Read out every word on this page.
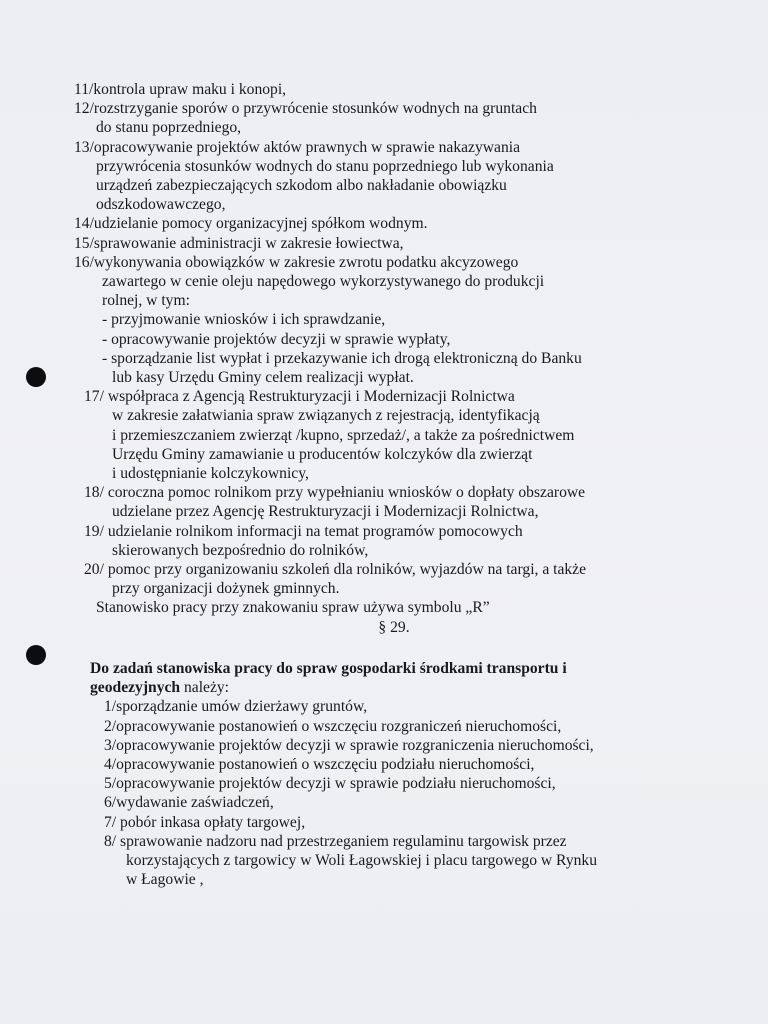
11/kontrola upraw maku i konopi,
12/rozstrzyganie sporów o przywrócenie stosunków wodnych na gruntach
do stanu poprzedniego,
13/opracowywanie projektów aktów prawnych w sprawie nakazywania
przywrócenia stosunków wodnych do stanu poprzedniego lub wykonania
urządzeń zabezpieczających szkodom albo nakładanie obowiązku
odszkodowawczego,
14/udzielanie pomocy organizacyjnej spółkom wodnym.
15/sprawowanie administracji w zakresie łowiectwa,
16/wykonywania obowiązków w zakresie zwrotu podatku akcyzowego
zawartego w cenie oleju napędowego wykorzystywanego do produkcji
rolnej, w tym:
- przyjmowanie wniosków i ich sprawdzanie,
- opracowywanie projektów decyzji w sprawie wypłaty,
- sporządzanie list wypłat i przekazywanie ich drogą elektroniczną do Banku
lub kasy Urzędu Gminy celem realizacji wypłat.
17/ współpraca z Agencją Restrukturyzacji i Modernizacji Rolnictwa
w zakresie załatwiania spraw związanych z rejestracją, identyfikacją
i przemieszczaniem zwierząt /kupno, sprzedaż/, a także za pośrednictwem
Urzędu Gminy zamawianie u producentów kolczyków dla zwierząt
i udostępnianie kolczykownicy,
18/ coroczna pomoc rolnikom przy wypełnianiu wniosków o dopłaty obszarowe
udzielane przez Agencję Restrukturyzacji i Modernizacji Rolnictwa,
19/ udzielanie rolnikom informacji na temat programów pomocowych
skierowanych bezpośrednio do rolników,
20/ pomoc przy organizowaniu szkoleń dla rolników, wyjazdów na targi, a także
przy organizacji dożynek gminnych.
Stanowisko pracy przy znakowaniu spraw używa symbolu „R”
§ 29.
Do zadań stanowiska pracy do spraw gospodarki środkami transportu i
geodezyjnych należy:
1/sporządzanie umów dzierżawy gruntów,
2/opracowywanie postanowień o wszczęciu rozgraniczeń nieruchomości,
3/opracowywanie projektów decyzji w sprawie rozgraniczenia nieruchomości,
4/opracowywanie postanowień o wszczęciu podziału nieruchomości,
5/opracowywanie projektów decyzji w sprawie podziału nieruchomości,
6/wydawanie zaświadczeń,
7/ pobór inkasa opłaty targowej,
8/ sprawowanie nadzoru nad przestrzeganiem regulaminu targowisk przez
korzystających z targowicy w Woli Łagowskiej i placu targowego w Rynku
w Łagowie ,
